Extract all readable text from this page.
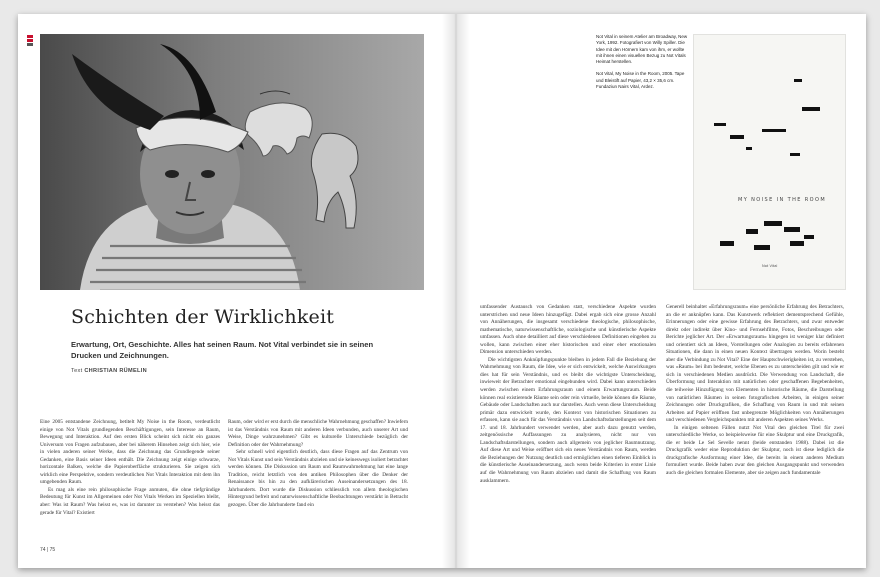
Schichten der Wirklichkeit
Erwartung, Ort, Geschichte. Alles hat seinen Raum. Not Vital verbindet sie in seinen Drucken und Zeichnungen.
Text CHRISTIAN RÜMELIN

Eine 2005 entstandene Zeichnung, betitelt My Noise in the Room, verdeutlicht einige von Not Vitals grundlegenden Beschäftigungen, sein Interesse an Raum, Bewegung und Interaktion. Auf den ersten Blick scheint sich nicht ein ganzes Universum von Fragen aufzubauen, aber bei näherem Hinsehen zeigt sich hier, wie in vielen anderen seiner Werke, dass die Zeichnung das Grundlegende seiner Gedanken, eine Basis seiner Ideen enthält. Die Zeichnung zeigt einige schwarze, horizontale Balken, welche die Papieroberfläche strukturieren. Sie zeigen sich wirklich eine Perspektive, sondern verdeutlichen Not Vitals Interaktion mit dem ihn umgebenden Raum.

Es mag als eine rein philosophische Frage anmuten, die ohne tiefgründige Bedeutung für Kunst im Allgemeinen oder Not Vitals Werken im Speziellen bleibt, aber: Was ist Raum? Was heisst es, was ist darunter zu verstehen? Was heisst das gerade für Vital? Existiert

Raum, oder wird er erst durch die menschliche Wahrnehmung geschaffen? Inwiefern ist das Verständnis von Raum mit anderen Ideen verbunden, auch unserer Art und Weise, Dinge wahrzunehmen? Gibt es kulturelle Unterschiede bezüglich der Definition oder der Wahrnehmung?

Sehr schnell wird eigentlich deutlich, dass diese Fragen auf das Zentrum von Not Vitals Kunst und sein Verständnis abzielen und sie keineswegs isoliert betrachtet werden können. Die Diskussion um Raum und Raumwahrnehmung hat eine lange Tradition, reicht letztlich von den antiken Philosophen über die Denker der Renaissance bis hin zu den aufklärerischen Auseinandersetzungen des 18. Jahrhunderts. Dort wurde die Diskussion schliesslich von allem theologischen Hintergrund befreit und naturwissenschaftliche Beobachtungen verstärkt in Betracht gezogen. Über die Jahrhunderte fand ein

74 | 75

Not Vital in seinem Atelier am Broadway, New York, 1992. Fotografiert von Willy Spiller. Die Idee mit den Hörnern kam von ihm, er wollte mit ihnen einen visuellen Bezug zu Not Vitals Heimat herstellen.

Not Vital, My Noise in the Room, 2005. Tape und Bleistift auf Papier, 43,2 × 35,6 cm. Fundaziun Nairs Vital, Ardez.

MY NOISE IN THE ROOM
Not Vital

umfassender Austausch von Gedanken statt, verschiedene Aspekte wurden unterstrichen und neue Ideen hinzugefügt. Dabei ergab sich eine grosse Anzahl von Annäherungen, die insgesamt verschiedene theologische, philosophische, mathematische, naturwissenschaftliche, soziologische und künstlerische Aspekte umfassen. Auch ohne detailliert auf diese verschiedenen Definitionen eingehen zu wollen, kann zwischen einer eher historischen und einer eher emotionalen Dimension unterschieden werden.

Die wichtigsten Anknüpfungspunkte bleiben in jedem Fall die Beziehung der Wahrnehmung von Raum, die Idee, wie er sich entwickelt, welche Auswirkungen dies hat für sein Verständnis, und es bleibt die wichtigste Unterscheidung, inwieweit der Betrachter emotional eingebunden wird. Dabei kann unterschieden werden zwischen einem Erfahrungsraum und einem Erwartungsraum. Beide können real existierende Räume sein oder rein virtuelle, beide können die Räume, Gebäude oder Landschaften auch nur darstellen. Auch wenn diese Unterscheidung primär dazu entwickelt wurde, den Kontext von historischen Situationen zu erfassen, kann sie auch für das Verständnis von Landschaftsdarstellungen seit dem 17. und 18. Jahrhundert verwendet werden, aber auch dazu genutzt werden, zeitgenössische Auffassungen zu analysieren, nicht nur von Landschaftsdarstellungen, sondern auch allgemein von jeglicher Raumnutzung. Auf diese Art und Weise eröffnet sich ein neues Verständnis von Raum, werden die Beziehungen der Nutzung deutlich und ermöglichen einen tieferen Einblick in die künstlerische Auseinandersetzung, auch wenn beide Kriterien in erster Linie auf die Wahrnehmung von Raum abzielen und damit die Schaffung von Raum ausklammern.

Generell beinhaltet «Erfahrungsraum» eine persönliche Erfahrung des Betrachters, an die er anknüpfen kann. Das Kunstwerk reflektiert dementsprechend Gefühle, Erinnerungen oder eine gewisse Erfahrung des Betrachters, und zwar entweder direkt oder indirekt über Kino- und Fernsehfilme, Fotos, Beschreibungen oder Berichte jeglicher Art. Der «Erwartungsraum» hingegen ist weniger klar definiert und orientiert sich an Ideen, Vorstellungen oder Analogien zu bereits erfahrenen Situationen, die dann in einen neuen Kontext übertragen werden. Worin besteht aber die Verbindung zu Not Vital? Eine der Hauptschwierigkeiten ist, zu verstehen, was «Raum» bei ihm bedeutet, welche Ebenen es zu unterscheiden gilt und wie er sich in verschiedenen Medien ausdrückt. Die Verwendung von Landschaft, die Überformung und Interaktion mit natürlichen oder geschaffenen Begebenheiten, die teilweise Hinzufügung von Elementen in historische Räume, die Darstellung von natürlichen Räumen in seinen fotografischen Arbeiten, in einigen seiner Zeichnungen oder Druckgrafiken, die Schaffung von Raum in und mit seinen Arbeiten auf Papier eröffnen fast unbegrenzte Möglichkeiten von Annäherungen und verschiedenen Vergleichspunkten mit anderen Aspekten seines Werks.

In einigen seltenen Fällen nutzt Not Vital den gleichen Titel für zwei unterschiedliche Werke, so beispielsweise für eine Skulptur und eine Druckgrafik, die er beide Le Sel Sevelle nennt (beide entstanden 1988). Dabei ist die Druckgrafik weder eine Reproduktion der Skulptur, noch ist diese lediglich die druckgrafische Ausformung einer Idee, die bereits in einem anderen Medium formuliert wurde. Beide haben zwar den gleichen Ausgangspunkt und verwenden auch die gleichen formalen Elemente, aber sie zeigen auch fundamentale
